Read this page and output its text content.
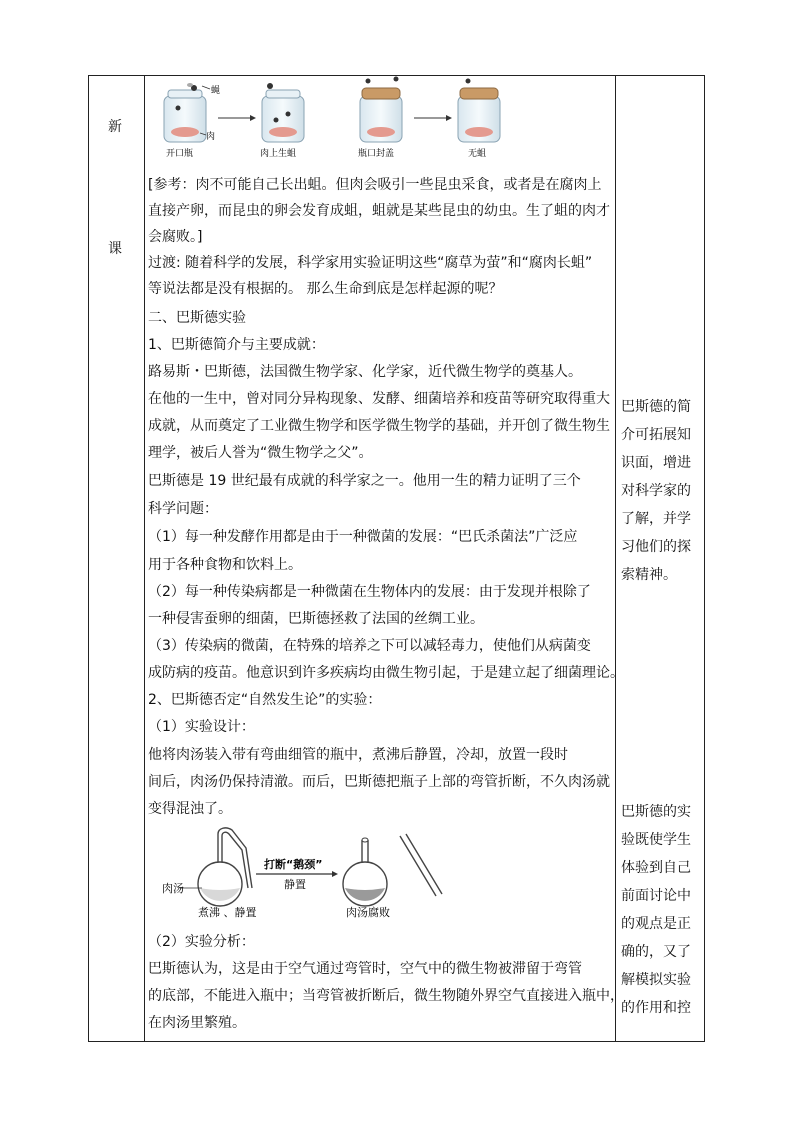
新
课
蝇
肉
开口瓶	肉上生蛆	瓶口封盖	无蛆
[参考：肉不可能自己长出蛆。但肉会吸引一些昆虫采食，或者是在腐肉上
直接产卵，而昆虫的卵会发育成蛆，蛆就是某些昆虫的幼虫。生了蛆的肉才
会腐败。]
过渡: 随着科学的发展，科学家用实验证明这些“腐草为萤”和“腐肉长蛆”
等说法都是没有根据的。 那么生命到底是怎样起源的呢？
二、巴斯德实验
1、巴斯德简介与主要成就：
路易斯・巴斯德，法国微生物学家、化学家，近代微生物学的奠基人。
在他的一生中，曾对同分异构现象、发酵、细菌培养和疫苗等研究取得重大
成就，从而奠定了工业微生物学和医学微生物学的基础，并开创了微生物生
理学，被后人誉为“微生物学之父”。
巴斯德是 19 世纪最有成就的科学家之一。他用一生的精力证明了三个
科学问题：
（1）每一种发酵作用都是由于一种微菌的发展：“巴氏杀菌法”广泛应
用于各种食物和饮料上。
（2）每一种传染病都是一种微菌在生物体内的发展：由于发现并根除了
一种侵害蚕卵的细菌，巴斯德拯救了法国的丝绸工业。
（3）传染病的微菌，在特殊的培养之下可以减轻毒力，使他们从病菌变
成防病的疫苗。他意识到许多疾病均由微生物引起，于是建立起了细菌理论。
2、巴斯德否定“自然发生论”的实验：
（1）实验设计：
他将肉汤装入带有弯曲细管的瓶中，煮沸后静置，冷却，放置一段时
间后，肉汤仍保持清澈。而后，巴斯德把瓶子上部的弯管折断，不久肉汤就
变得混浊了。
（2）实验分析：
巴斯德认为，这是由于空气通过弯管时，空气中的微生物被滞留于弯管
的底部，不能进入瓶中；当弯管被折断后，微生物随外界空气直接进入瓶中，
在肉汤里繁殖。
肉汤
煮沸 、静置
打断“鹅颈”
静置
肉汤腐败
巴斯德的简
介可拓展知
识面，增进
对科学家的
了解，并学
习他们的探
索精神。
巴斯德的实
验既使学生
体验到自己
前面讨论中
的观点是正
确的，又了
解模拟实验
的作用和控
